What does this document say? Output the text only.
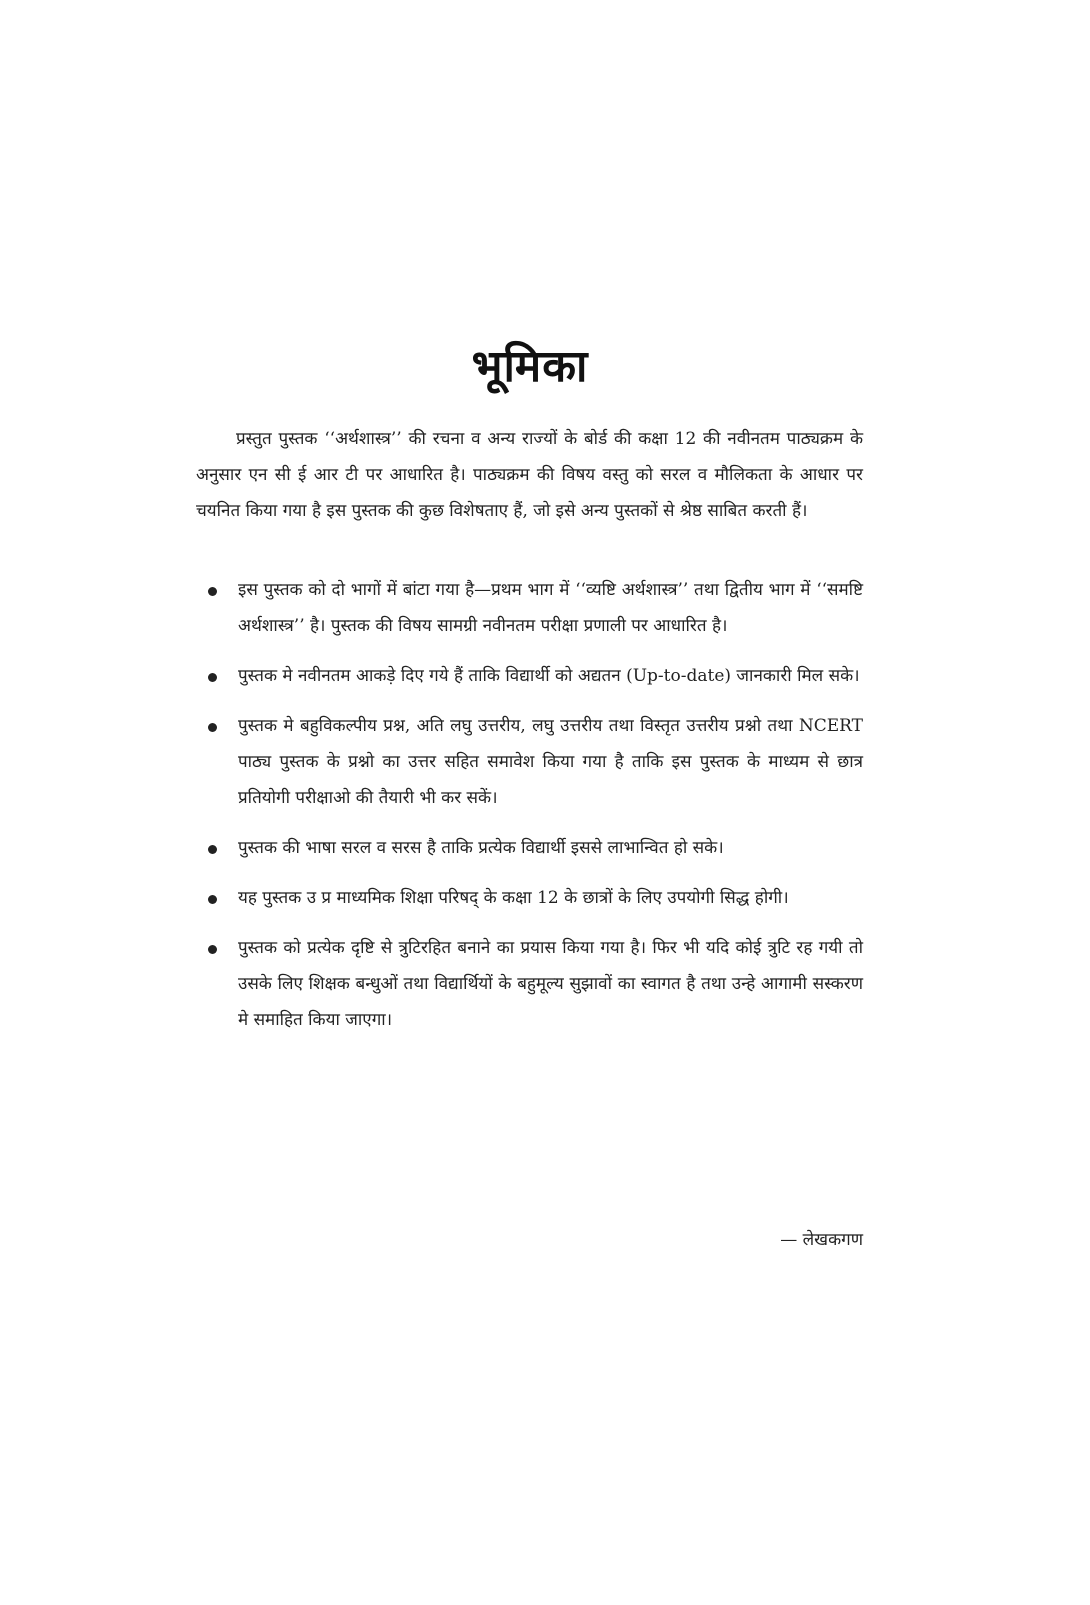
भूमिका

प्रस्तुत पुस्तक ‘‘अर्थशास्त्र’’ की रचना व अन्य राज्यों के बोर्ड की कक्षा 12 की नवीनतम पाठ्यक्रम के अनुसार एन सी ई आर टी पर आधारित है। पाठ्यक्रम की विषय वस्तु को सरल व मौलिकता के आधार पर चयनित किया गया है इस पुस्तक की कुछ विशेषताए हैं, जो इसे अन्य पुस्तकों से श्रेष्ठ साबित करती हैं।

इस पुस्तक को दो भागों में बांटा गया है—प्रथम भाग में ‘‘व्यष्टि अर्थशास्त्र’’ तथा द्वितीय भाग में ‘‘समष्टि अर्थशास्त्र’’ है। पुस्तक की विषय सामग्री नवीनतम परीक्षा प्रणाली पर आधारित है।
पुस्तक मे नवीनतम आकड़े दिए गये हैं ताकि विद्यार्थी को अद्यतन (Up-to-date) जानकारी मिल सके।
पुस्तक मे बहुविकल्पीय प्रश्न, अति लघु उत्तरीय, लघु उत्तरीय तथा विस्तृत उत्तरीय प्रश्नो तथा NCERT पाठ्य पुस्तक के प्रश्नो का उत्तर सहित समावेश किया गया है ताकि इस पुस्तक के माध्यम से छात्र प्रतियोगी परीक्षाओ की तैयारी भी कर सकें।
पुस्तक की भाषा सरल व सरस है ताकि प्रत्येक विद्यार्थी इससे लाभान्वित हो सके।
यह पुस्तक उ प्र माध्यमिक शिक्षा परिषद् के कक्षा 12 के छात्रों के लिए उपयोगी सिद्ध होगी।
पुस्तक को प्रत्येक दृष्टि से त्रुटिरहित बनाने का प्रयास किया गया है। फिर भी यदि कोई त्रुटि रह गयी तो उसके लिए शिक्षक बन्धुओं तथा विद्यार्थियों के बहुमूल्य सुझावों का स्वागत है तथा उन्हे आगामी सस्करण मे समाहित किया जाएगा।
— लेखकगण
